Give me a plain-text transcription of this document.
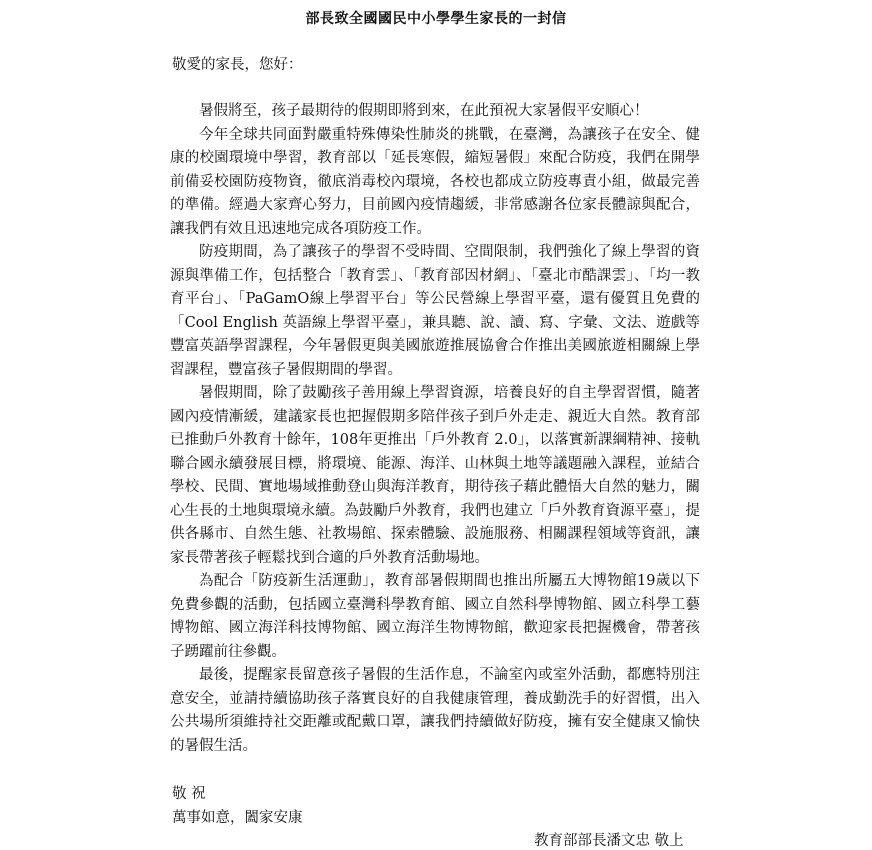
部長致全國國民中小學學生家長的一封信
敬愛的家長，您好：

暑假將至，孩子最期待的假期即將到來，在此預祝大家暑假平安順心！

今年全球共同面對嚴重特殊傳染性肺炎的挑戰，在臺灣，為讓孩子在安全、健康的校園環境中學習，教育部以「延長寒假，縮短暑假」來配合防疫，我們在開學前備妥校園防疫物資，徹底消毒校內環境，各校也都成立防疫專責小組，做最完善的準備。經過大家齊心努力，目前國內疫情趨緩，非常感謝各位家長體諒與配合，讓我們有效且迅速地完成各項防疫工作。

防疫期間，為了讓孩子的學習不受時間、空間限制，我們強化了線上學習的資源與準備工作，包括整合「教育雲」、「教育部因材網」、「臺北市酷課雲」、「均一教育平台」、「PaGamO線上學習平台」等公民營線上學習平臺，還有優質且免費的「Cool English 英語線上學習平臺」，兼具聽、說、讀、寫、字彙、文法、遊戲等豐富英語學習課程，今年暑假更與美國旅遊推展協會合作推出美國旅遊相關線上學習課程，豐富孩子暑假期間的學習。

暑假期間，除了鼓勵孩子善用線上學習資源，培養良好的自主學習習慣，隨著國內疫情漸緩，建議家長也把握假期多陪伴孩子到戶外走走、親近大自然。教育部已推動戶外教育十餘年，108年更推出「戶外教育 2.0」，以落實新課綱精神、接軌聯合國永續發展目標，將環境、能源、海洋、山林與土地等議題融入課程，並結合學校、民間、實地場域推動登山與海洋教育，期待孩子藉此體悟大自然的魅力，關心生長的土地與環境永續。為鼓勵戶外教育，我們也建立「戶外教育資源平臺」，提供各縣市、自然生態、社教場館、探索體驗、設施服務、相關課程領域等資訊，讓家長帶著孩子輕鬆找到合適的戶外教育活動場地。

為配合「防疫新生活運動」，教育部暑假期間也推出所屬五大博物館19歲以下免費參觀的活動，包括國立臺灣科學教育館、國立自然科學博物館、國立科學工藝博物館、國立海洋科技博物館、國立海洋生物博物館，歡迎家長把握機會，帶著孩子踴躍前往參觀。

最後，提醒家長留意孩子暑假的生活作息，不論室內或室外活動，都應特別注意安全，並請持續協助孩子落實良好的自我健康管理，養成勤洗手的好習慣，出入公共場所須維持社交距離或配戴口罩，讓我們持續做好防疫，擁有安全健康又愉快的暑假生活。

敬 祝
萬事如意，闔家安康
教育部部長潘文忠 敬上
